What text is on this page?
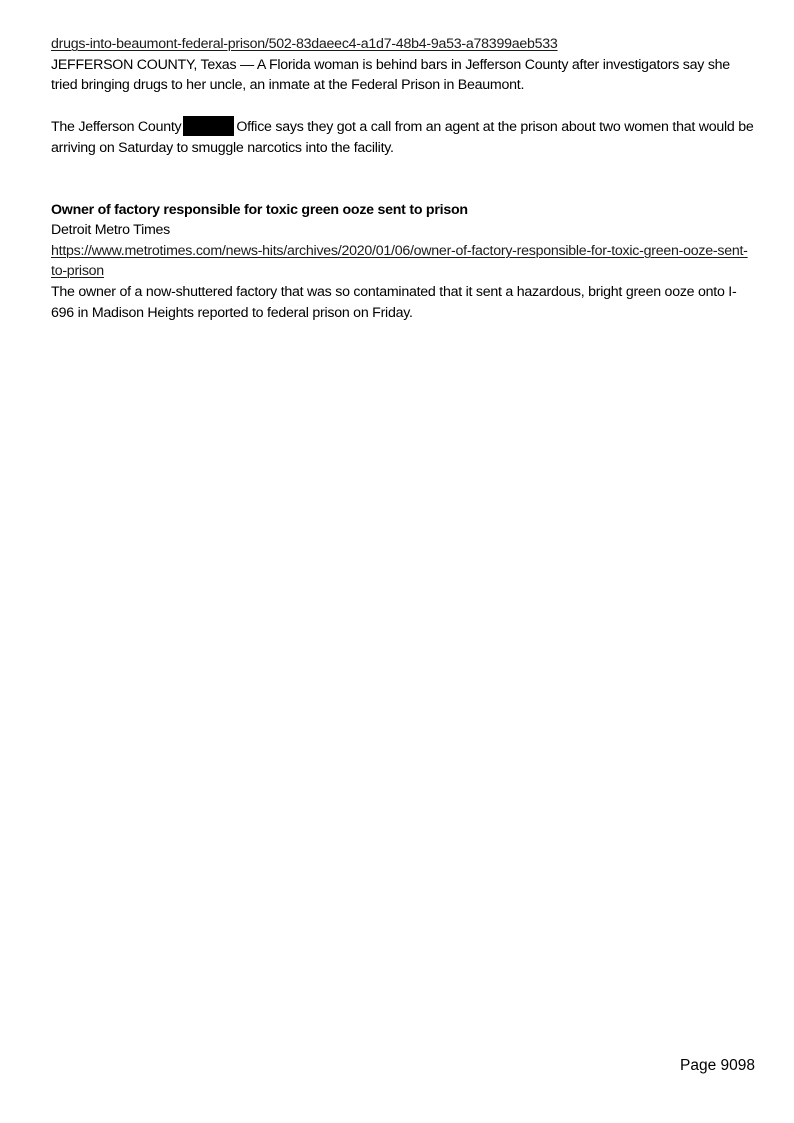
drugs-into-beaumont-federal-prison/502-83daeec4-a1d7-48b4-9a53-a78399aeb533

JEFFERSON COUNTY, Texas — A Florida woman is behind bars in Jefferson County after investigators say she tried bringing drugs to her uncle, an inmate at the Federal Prison in Beaumont.

The Jefferson County	Office says they got a call from an agent at the prison about two women that would be arriving on Saturday to smuggle narcotics into the facility.

Owner of factory responsible for toxic green ooze sent to prison

Detroit Metro Times

https://www.metrotimes.com/news-hits/archives/2020/01/06/owner-of-factory-responsible-for-toxic-green-ooze-sent-to-prison

The owner of a now-shuttered factory that was so contaminated that it sent a hazardous, bright green ooze onto I-696 in Madison Heights reported to federal prison on Friday.

Page 9098
